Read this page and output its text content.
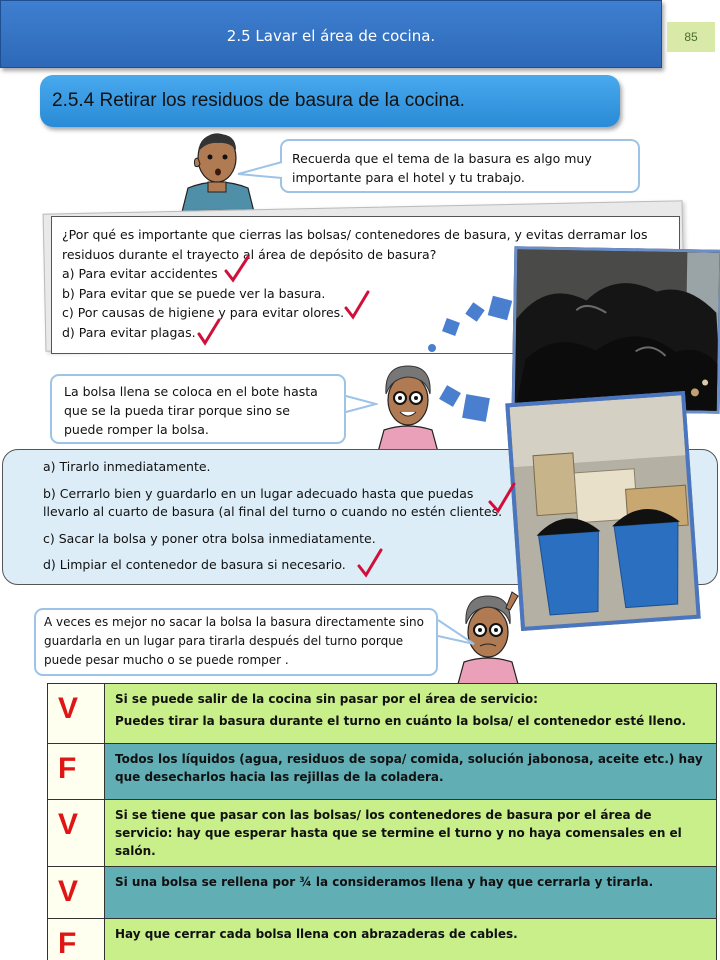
2.5 Lavar el área de cocina.	85
2.5.4 Retirar los residuos de basura de la cocina.
Recuerda que el tema de la basura es algo muy importante para el hotel y tu trabajo.
¿Por qué es importante que cierras las bolsas/ contenedores de basura, y evitas derramar los residuos durante el trayecto al área de depósito de basura?
a) Para evitar accidentes
b) Para evitar que se puede ver la basura.
c) Por causas de higiene y para evitar olores.
d) Para evitar plagas.
La bolsa llena se coloca en el bote hasta que se la pueda tirar porque sino se puede romper la bolsa.
a) Tirarlo inmediatamente.
b) Cerrarlo bien y guardarlo en un lugar adecuado hasta que puedas llevarlo al cuarto de basura (al final del turno o cuando no estén clientes.
c) Sacar la bolsa y poner otra bolsa inmediatamente.
d) Limpiar el contenedor de basura si necesario.
A veces es mejor no sacar la bolsa la basura directamente sino guardarla en un lugar para tirarla después del turno porque puede pesar mucho o se puede romper .
V	Si se puede salir de la cocina sin pasar por el área de servicio:
Puedes tirar la basura durante el turno en cuánto la bolsa/ el contenedor esté lleno.

F	Todos los líquidos (agua, residuos de sopa/ comida, solución jabonosa, aceite etc.) hay que desecharlos hacia las rejillas de la coladera.

V	Si se tiene que pasar con las bolsas/ los contenedores de basura por el área de servicio: hay que esperar hasta que se termine el turno y no haya comensales en el salón.

V	Si una bolsa se rellena por ¾ la consideramos llena y hay que cerrarla y tirarla.

F	Hay que cerrar cada bolsa llena con abrazaderas de cables.
